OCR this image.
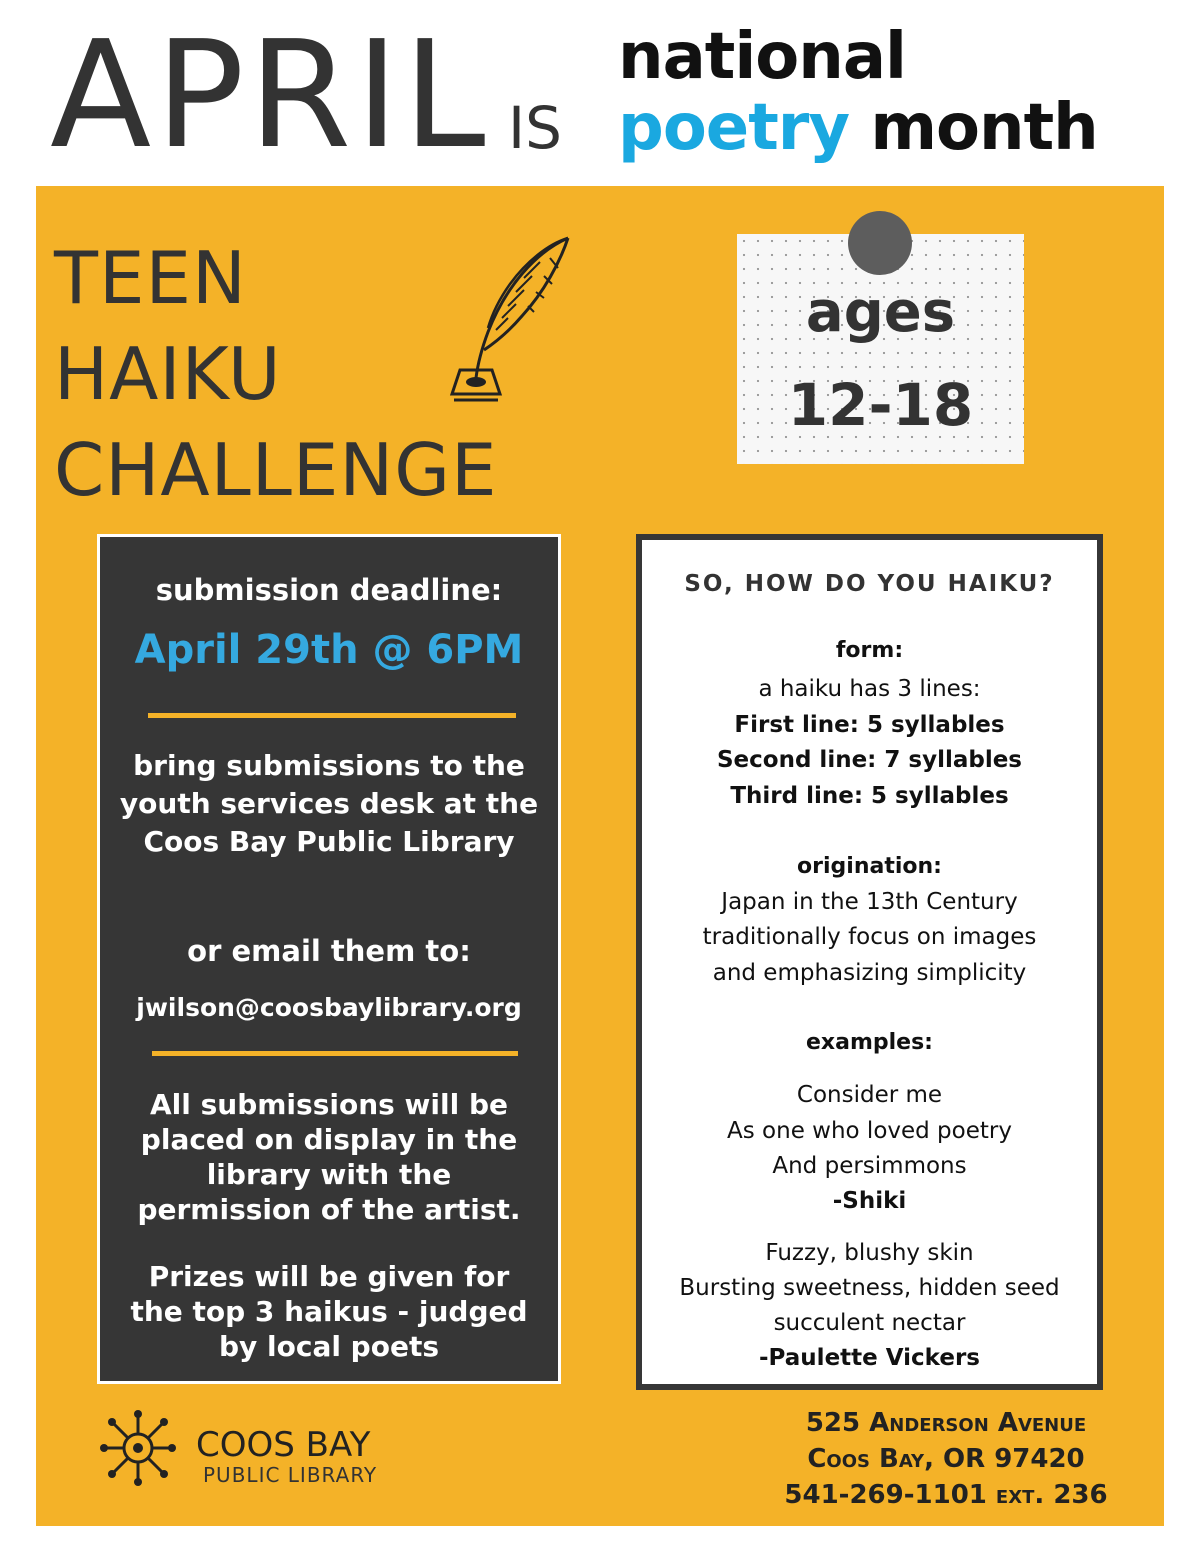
APRIL IS
national
poetry month
TEEN
HAIKU
CHALLENGE
ages
12-18
submission deadline:
April 29th @ 6PM
bring submissions to the youth services desk at the Coos Bay Public Library
or email them to:
jwilson@coosbaylibrary.org
All submissions will be placed on display in the library with the permission of the artist.
Prizes will be given for the top 3 haikus - judged by local poets
SO, HOW DO YOU HAIKU?
form:
a haiku has 3 lines:
First line: 5 syllables
Second line: 7 syllables
Third line: 5 syllables
origination:
Japan in the 13th Century
traditionally focus on images
and emphasizing simplicity
examples:
Consider me
As one who loved poetry
And persimmons
-Shiki
Fuzzy, blushy skin
Bursting sweetness, hidden seed
succulent nectar
-Paulette Vickers
COOS BAY
PUBLIC LIBRARY
525 Anderson Avenue
Coos Bay, OR 97420
541-269-1101 ext. 236
